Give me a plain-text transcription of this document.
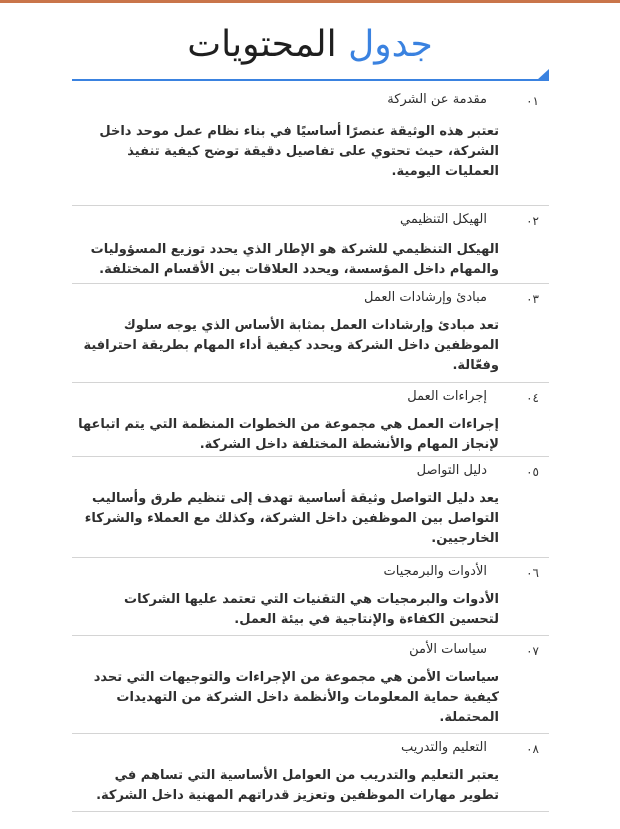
جدول المحتويات
٠١
مقدمة عن الشركة

تعتبر هذه الوثيقة عنصرًا أساسيًا في بناء نظام عمل موحد داخل الشركة، حيث تحتوي على تفاصيل دقيقة توضح كيفية تنفيذ العمليات اليومية.

٠٢
الهيكل التنظيمي

الهيكل التنظيمي للشركة هو الإطار الذي يحدد توزيع المسؤوليات والمهام داخل المؤسسة، ويحدد العلاقات بين الأقسام المختلفة.

٠٣
مبادئ وإرشادات العمل

تعد مبادئ وإرشادات العمل بمثابة الأساس الذي يوجه سلوك الموظفين داخل الشركة ويحدد كيفية أداء المهام بطريقة احترافية وفعّالة.

٠٤
إجراءات العمل

إجراءات العمل هي مجموعة من الخطوات المنظمة التي يتم اتباعها لإنجاز المهام والأنشطة المختلفة داخل الشركة.

٠٥
دليل التواصل

يعد دليل التواصل وثيقة أساسية تهدف إلى تنظيم طرق وأساليب التواصل بين الموظفين داخل الشركة، وكذلك مع العملاء والشركاء الخارجيين.

٠٦
الأدوات والبرمجيات

الأدوات والبرمجيات هي التقنيات التي تعتمد عليها الشركات لتحسين الكفاءة والإنتاجية في بيئة العمل.

٠٧
سياسات الأمن

سياسات الأمن هي مجموعة من الإجراءات والتوجيهات التي تحدد كيفية حماية المعلومات والأنظمة داخل الشركة من التهديدات المحتملة.

٠٨
التعليم والتدريب

يعتبر التعليم والتدريب من العوامل الأساسية التي تساهم في تطوير مهارات الموظفين وتعزيز قدراتهم المهنية داخل الشركة.
